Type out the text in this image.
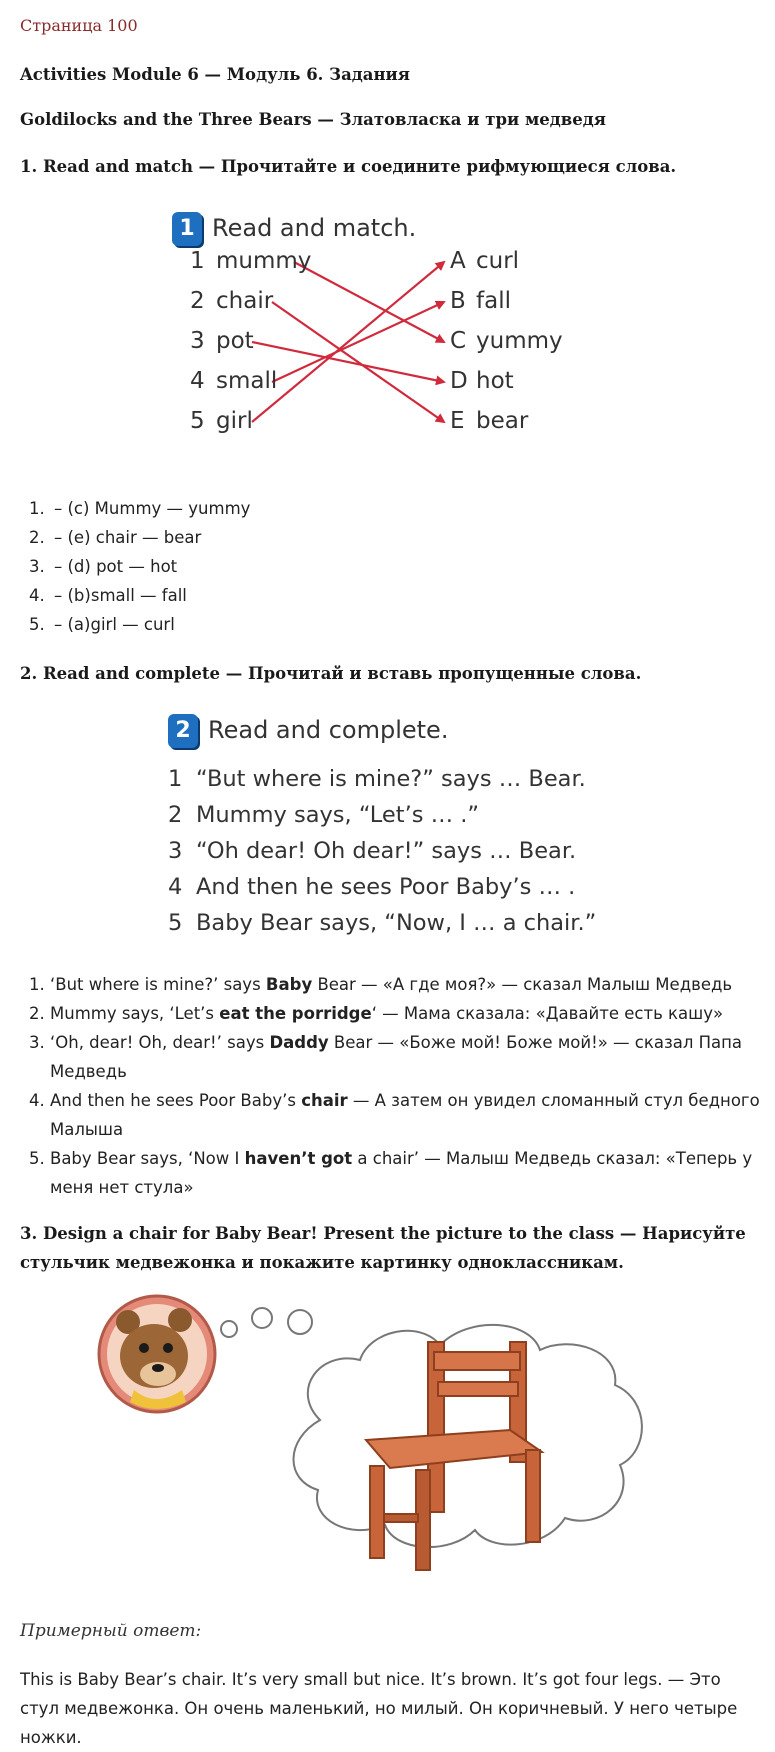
Страница 100
Activities Module 6 — Модуль 6. Задания
Goldilocks and the Three Bears — Златовласка и три медведя
1. Read and match — Прочитайте и соедините рифмующиеся слова.
1 Read and match.
1 mummy
2 chair
3 pot
4 small
5 girl
A curl
B fall
C yummy
D hot
E bear
1. – (c) Mummy — yummy
2. – (e) chair — bear
3. – (d) pot — hot
4. – (b)small — fall
5. – (a)girl — curl
2. Read and complete — Прочитай и вставь пропущенные слова.
2 Read and complete.
1 “But where is mine?” says … Bear.
2 Mummy says, “Let’s … .”
3 “Oh dear! Oh dear!” says … Bear.
4 And then he sees Poor Baby’s … .
5 Baby Bear says, “Now, I … a chair.”
1. ‘But where is mine?’ says Baby Bear — «А где моя?» — сказал Малыш Медведь
2. Mummy says, ‘Let’s eat the porridge‘ — Мама сказала: «Давайте есть кашу»
3. ‘Oh, dear! Oh, dear!’ says Daddy Bear — «Боже мой! Боже мой!» — сказал Папа Медведь
4. And then he sees Poor Baby’s chair — А затем он увидел сломанный стул бедного Малыша
5. Baby Bear says, ‘Now I haven’t got a chair’ — Малыш Медведь сказал: «Теперь у меня нет стула»
3. Design a chair for Baby Bear! Present the picture to the class — Нарисуйте стульчик медвежонка и покажите картинку одноклассникам.
Примерный ответ:
This is Baby Bear’s chair. It’s very small but nice. It’s brown. It’s got four legs. — Это стул медвежонка. Он очень маленький, но милый. Он коричневый. У него четыре ножки.
